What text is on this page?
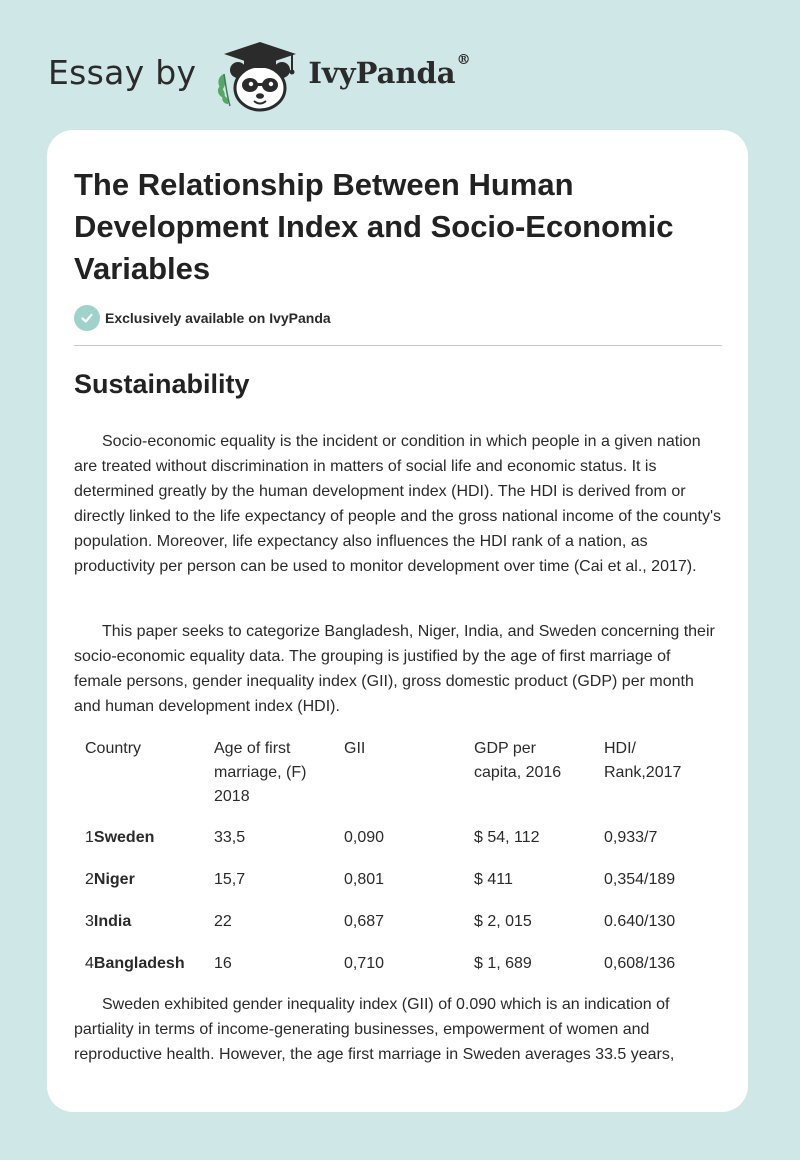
Essay by	IvyPanda®
The Relationship Between Human Development Index and Socio-Economic Variables
Exclusively available on IvyPanda
Sustainability

Socio-economic equality is the incident or condition in which people in a given nation are treated without discrimination in matters of social life and economic status. It is determined greatly by the human development index (HDI). The HDI is derived from or directly linked to the life expectancy of people and the gross national income of the county's population. Moreover, life expectancy also influences the HDI rank of a nation, as productivity per person can be used to monitor development over time (Cai et al., 2017).

This paper seeks to categorize Bangladesh, Niger, India, and Sweden concerning their socio-economic equality data. The grouping is justified by the age of first marriage of female persons, gender inequality index (GII), gross domestic product (GDP) per month and human development index (HDI).

Country	Age of first marriage, (F) 2018	GII	GDP per capita, 2016	HDI/ Rank,2017
1Sweden	33,5	0,090	$ 54, 112	0,933/7
2Niger	15,7	0,801	$ 411	0,354/189
3India	22	0,687	$ 2, 015	0.640/130
4Bangladesh	16	0,710	$ 1, 689	0,608/136

Sweden exhibited gender inequality index (GII) of 0.090 which is an indication of partiality in terms of income-generating businesses, empowerment of women and reproductive health. However, the age first marriage in Sweden averages 33.5 years,
